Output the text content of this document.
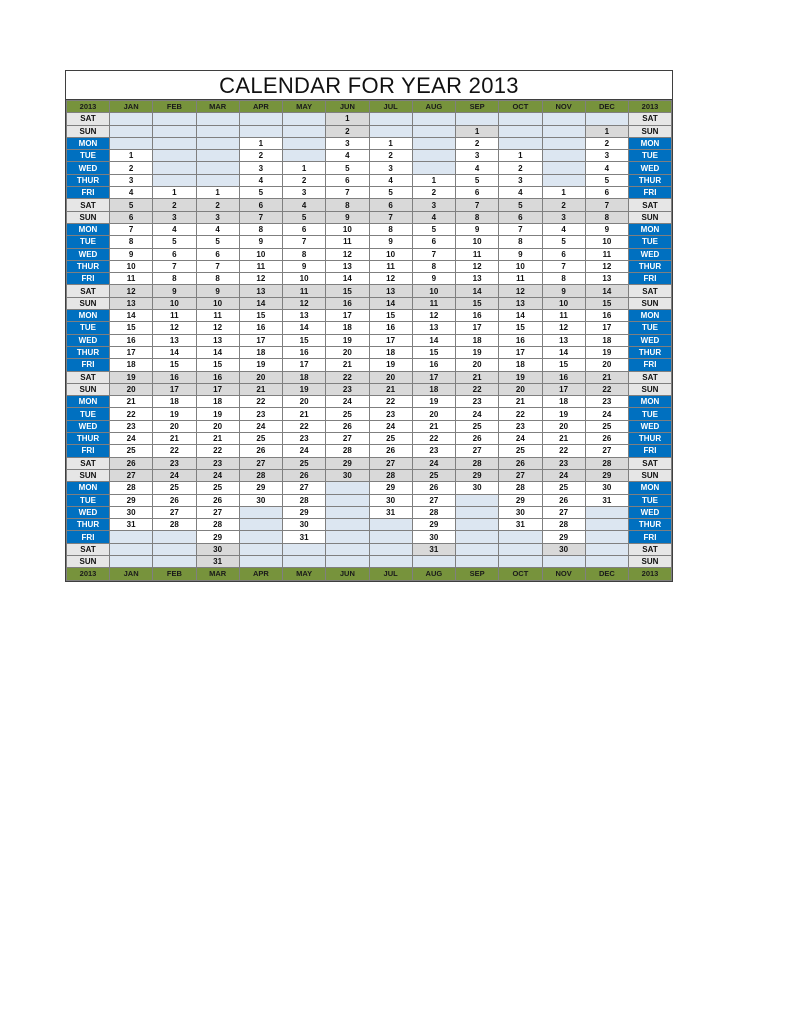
CALENDAR FOR YEAR 2013
2013	JAN	FEB	MAR	APR	MAY	JUN	JUL	AUG	SEP	OCT	NOV	DEC	2013
SAT						1							SAT
SUN						2			1			1	SUN
MON				1		3	1		2			2	MON
TUE	1			2		4	2		3	1		3	TUE
WED	2			3	1	5	3		4	2		4	WED
THUR	3			4	2	6	4	1	5	3		5	THUR
FRI	4	1	1	5	3	7	5	2	6	4	1	6	FRI
SAT	5	2	2	6	4	8	6	3	7	5	2	7	SAT
SUN	6	3	3	7	5	9	7	4	8	6	3	8	SUN
MON	7	4	4	8	6	10	8	5	9	7	4	9	MON
TUE	8	5	5	9	7	11	9	6	10	8	5	10	TUE
WED	9	6	6	10	8	12	10	7	11	9	6	11	WED
THUR	10	7	7	11	9	13	11	8	12	10	7	12	THUR
FRI	11	8	8	12	10	14	12	9	13	11	8	13	FRI
SAT	12	9	9	13	11	15	13	10	14	12	9	14	SAT
SUN	13	10	10	14	12	16	14	11	15	13	10	15	SUN
MON	14	11	11	15	13	17	15	12	16	14	11	16	MON
TUE	15	12	12	16	14	18	16	13	17	15	12	17	TUE
WED	16	13	13	17	15	19	17	14	18	16	13	18	WED
THUR	17	14	14	18	16	20	18	15	19	17	14	19	THUR
FRI	18	15	15	19	17	21	19	16	20	18	15	20	FRI
SAT	19	16	16	20	18	22	20	17	21	19	16	21	SAT
SUN	20	17	17	21	19	23	21	18	22	20	17	22	SUN
MON	21	18	18	22	20	24	22	19	23	21	18	23	MON
TUE	22	19	19	23	21	25	23	20	24	22	19	24	TUE
WED	23	20	20	24	22	26	24	21	25	23	20	25	WED
THUR	24	21	21	25	23	27	25	22	26	24	21	26	THUR
FRI	25	22	22	26	24	28	26	23	27	25	22	27	FRI
SAT	26	23	23	27	25	29	27	24	28	26	23	28	SAT
SUN	27	24	24	28	26	30	28	25	29	27	24	29	SUN
MON	28	25	25	29	27		29	26	30	28	25	30	MON
TUE	29	26	26	30	28		30	27		29	26	31	TUE
WED	30	27	27		29		31	28		30	27		WED
THUR	31	28	28		30			29		31	28		THUR
FRI			29		31			30			29		FRI
SAT			30					31			30		SAT
SUN			31										SUN
2013	JAN	FEB	MAR	APR	MAY	JUN	JUL	AUG	SEP	OCT	NOV	DEC	2013
